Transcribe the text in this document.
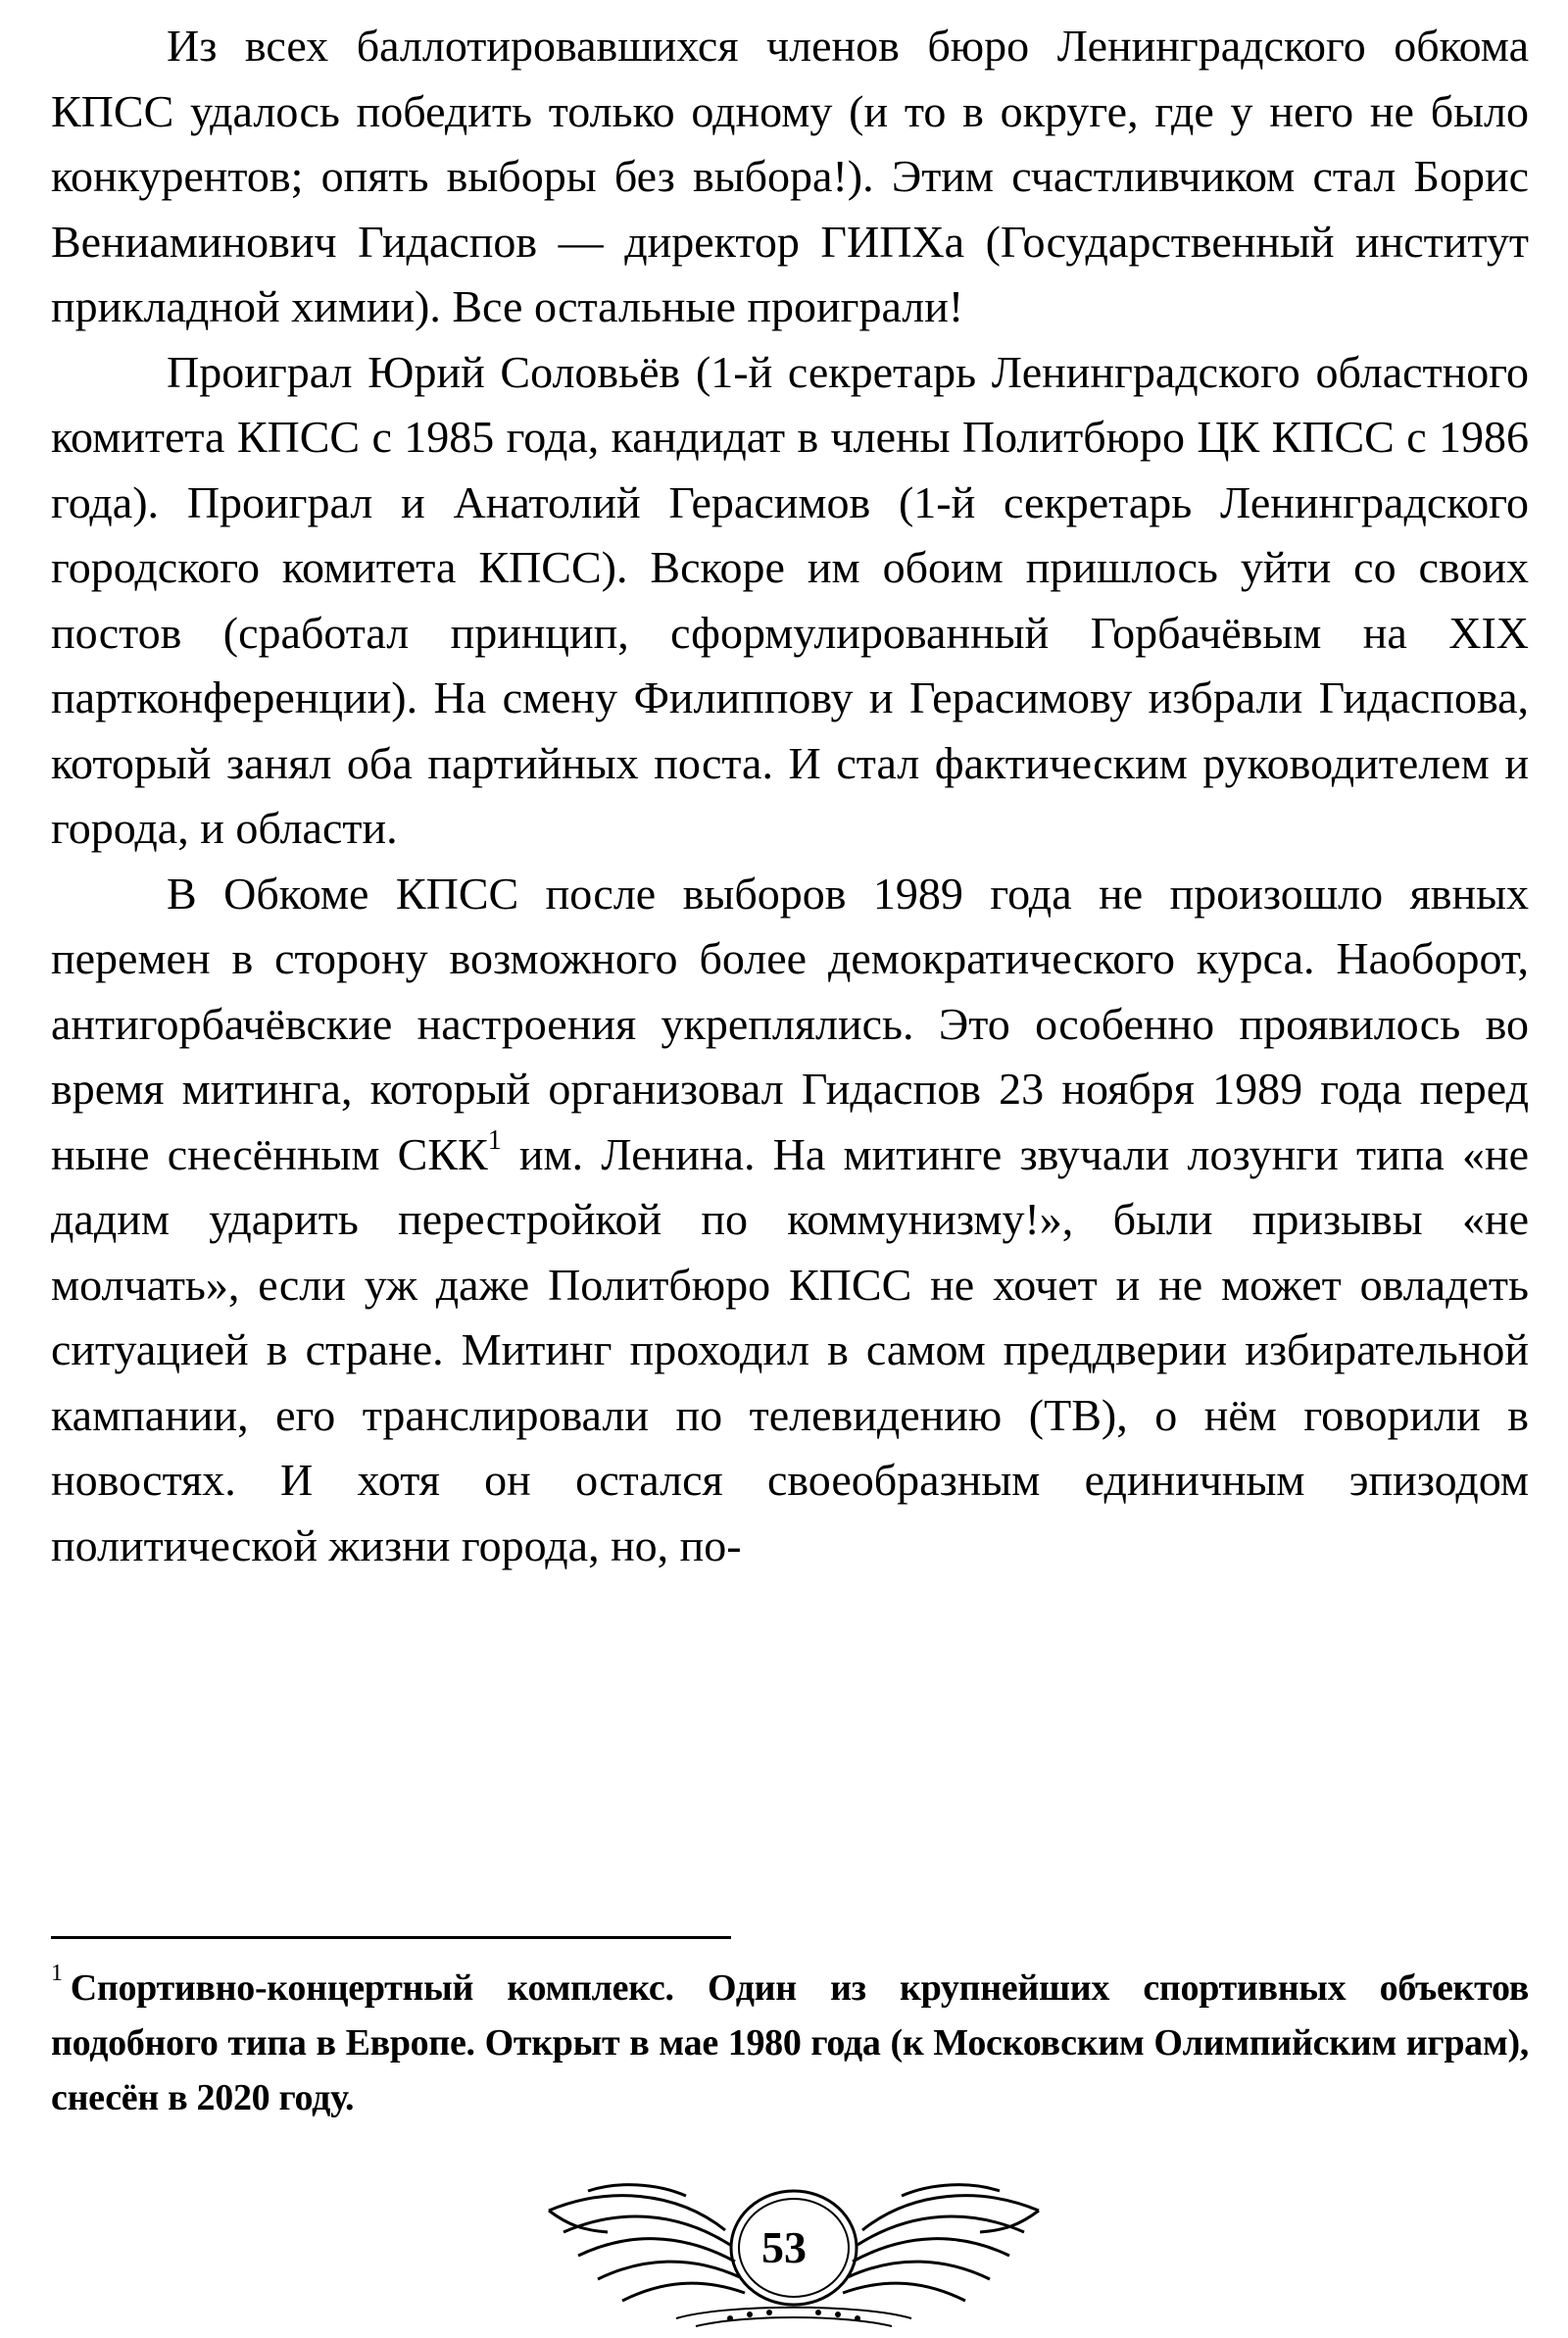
Из всех баллотировавшихся членов бюро Ленинградского обкома КПСС удалось победить только одному (и то в округе, где у него не было конкурентов; опять выборы без выбора!). Этим счастливчиком стал Борис Вениаминович Гидаспов — директор ГИПХа (Государственный институт прикладной химии). Все остальные проиграли!

Проиграл Юрий Соловьёв (1-й секретарь Ленинградского областного комитета КПСС с 1985 года, кандидат в члены Политбюро ЦК КПСС с 1986 года). Проиграл и Анатолий Герасимов (1-й секретарь Ленинградского городского комитета КПСС). Вскоре им обоим пришлось уйти со своих постов (сработал принцип, сформулированный Горбачёвым на XIX партконференции). На смену Филиппову и Герасимову избрали Гидаспова, который занял оба партийных поста. И стал фактическим руководителем и города, и области.

В Обкоме КПСС после выборов 1989 года не произошло явных перемен в сторону возможного более демократического курса. Наоборот, антигорбачёвские настроения укреплялись. Это особенно проявилось во время митинга, который организовал Гидаспов 23 ноября 1989 года перед ныне снесённым СКК$^1$ им. Ленина. На митинге звучали лозунги типа «не дадим ударить перестройкой по коммунизму!», были призывы «не молчать», если уж даже Политбюро КПСС не хочет и не может овладеть ситуацией в стране. Митинг проходил в самом преддверии избирательной кампании, его транслировали по телевидению (ТВ), о нём говорили в новостях. И хотя он остался своеобразным единичным эпизодом политической жизни города, но, по-

$^1$ Спортивно-концертный комплекс. Один из крупнейших спортивных объектов подобного типа в Европе. Открыт в мае 1980 года (к Московским Олимпийским играм), снесён в 2020 году.
53
